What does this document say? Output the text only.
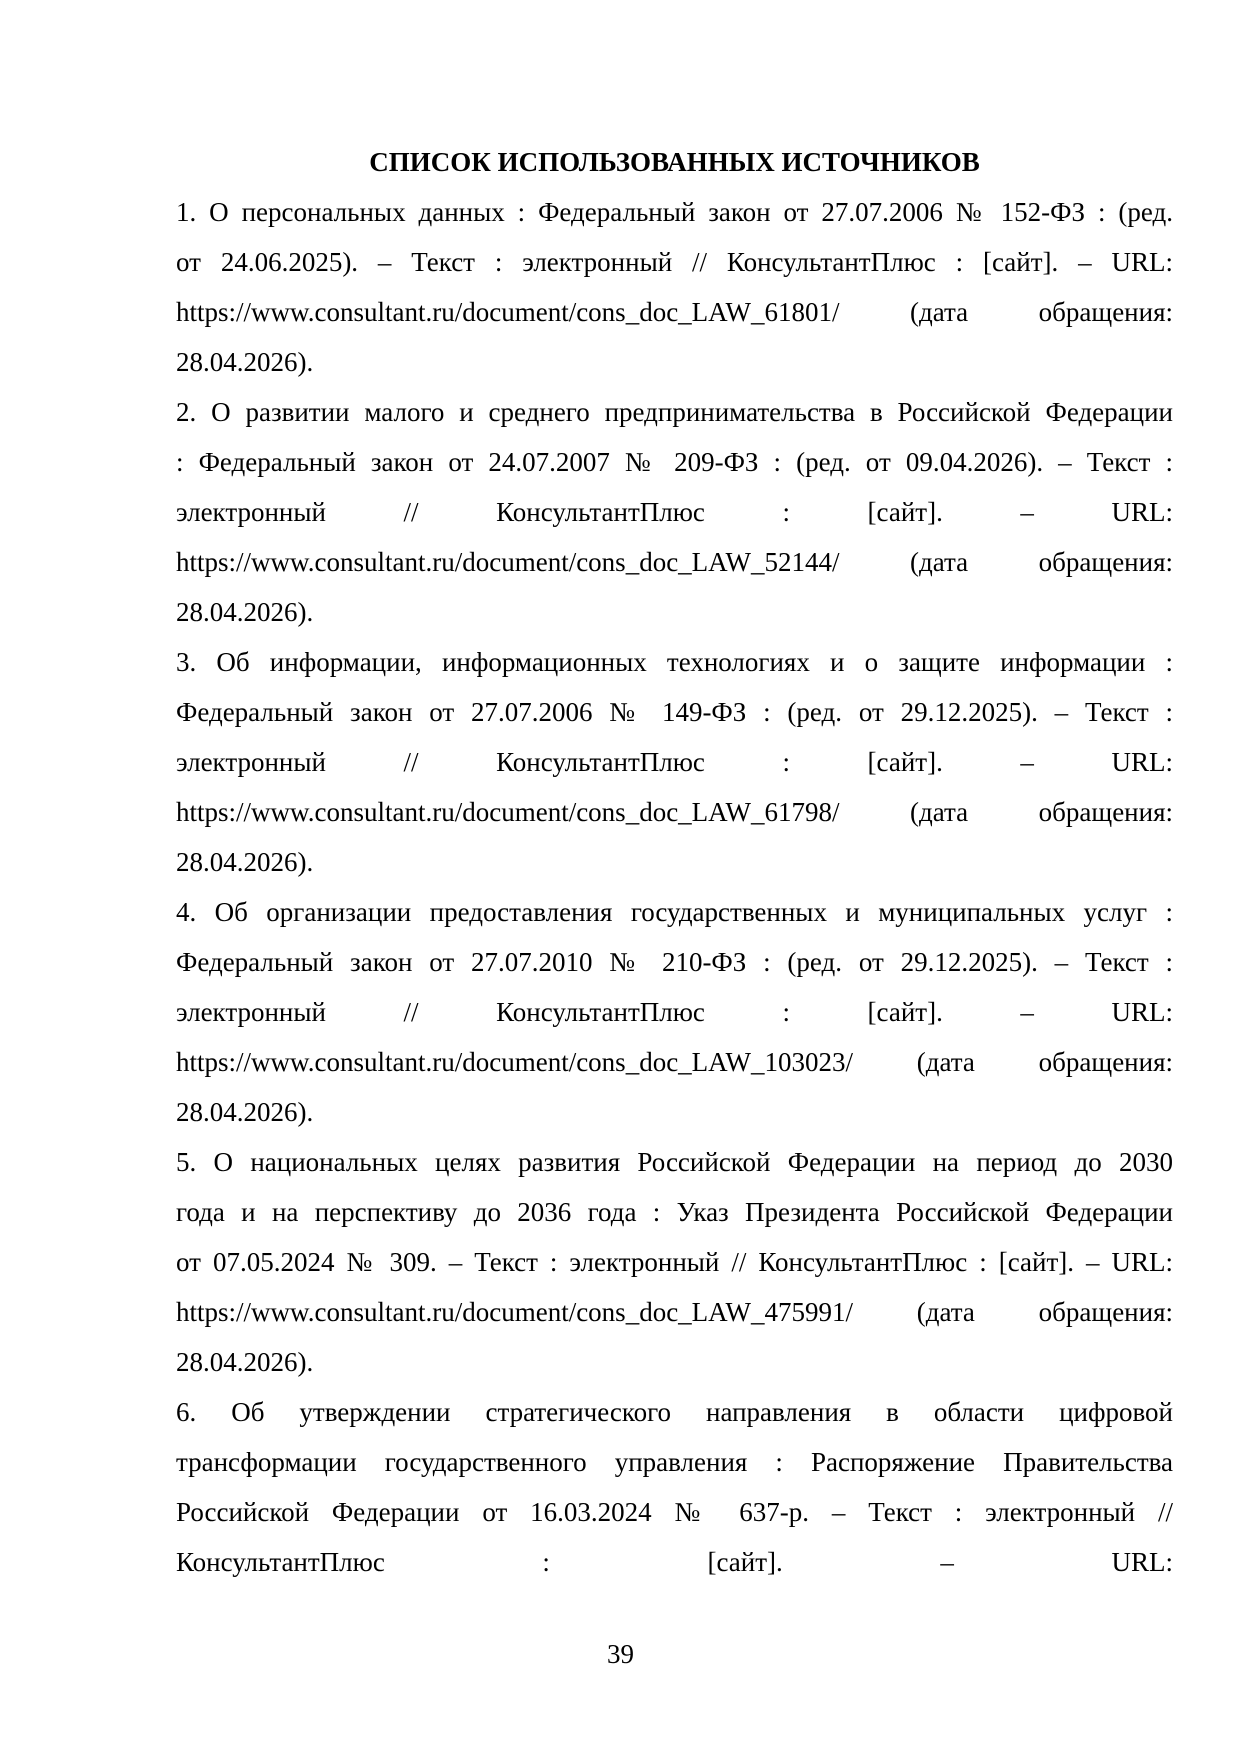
СПИСОК ИСПОЛЬЗОВАННЫХ ИСТОЧНИКОВ
1. О персональных данных : Федеральный закон от 27.07.2006 № 152-ФЗ : (ред.
от 24.06.2025). – Текст : электронный // КонсультантПлюс : [сайт]. – URL:
https://www.consultant.ru/document/cons_doc_LAW_61801/ (дата обращения:
28.04.2026).
2. О развитии малого и среднего предпринимательства в Российской Федерации
: Федеральный закон от 24.07.2007 № 209-ФЗ : (ред. от 09.04.2026). – Текст :
электронный // КонсультантПлюс : [сайт]. – URL:
https://www.consultant.ru/document/cons_doc_LAW_52144/ (дата обращения:
28.04.2026).
3. Об информации, информационных технологиях и о защите информации :
Федеральный закон от 27.07.2006 № 149-ФЗ : (ред. от 29.12.2025). – Текст :
электронный // КонсультантПлюс : [сайт]. – URL:
https://www.consultant.ru/document/cons_doc_LAW_61798/ (дата обращения:
28.04.2026).
4. Об организации предоставления государственных и муниципальных услуг :
Федеральный закон от 27.07.2010 № 210-ФЗ : (ред. от 29.12.2025). – Текст :
электронный // КонсультантПлюс : [сайт]. – URL:
https://www.consultant.ru/document/cons_doc_LAW_103023/ (дата обращения:
28.04.2026).
5. О национальных целях развития Российской Федерации на период до 2030
года и на перспективу до 2036 года : Указ Президента Российской Федерации
от 07.05.2024 № 309. – Текст : электронный // КонсультантПлюс : [сайт]. – URL:
https://www.consultant.ru/document/cons_doc_LAW_475991/ (дата обращения:
28.04.2026).
6. Об утверждении стратегического направления в области цифровой
трансформации государственного управления : Распоряжение Правительства
Российской Федерации от 16.03.2024 № 637-р. – Текст : электронный //
КонсультантПлюс : [сайт]. – URL:
39
